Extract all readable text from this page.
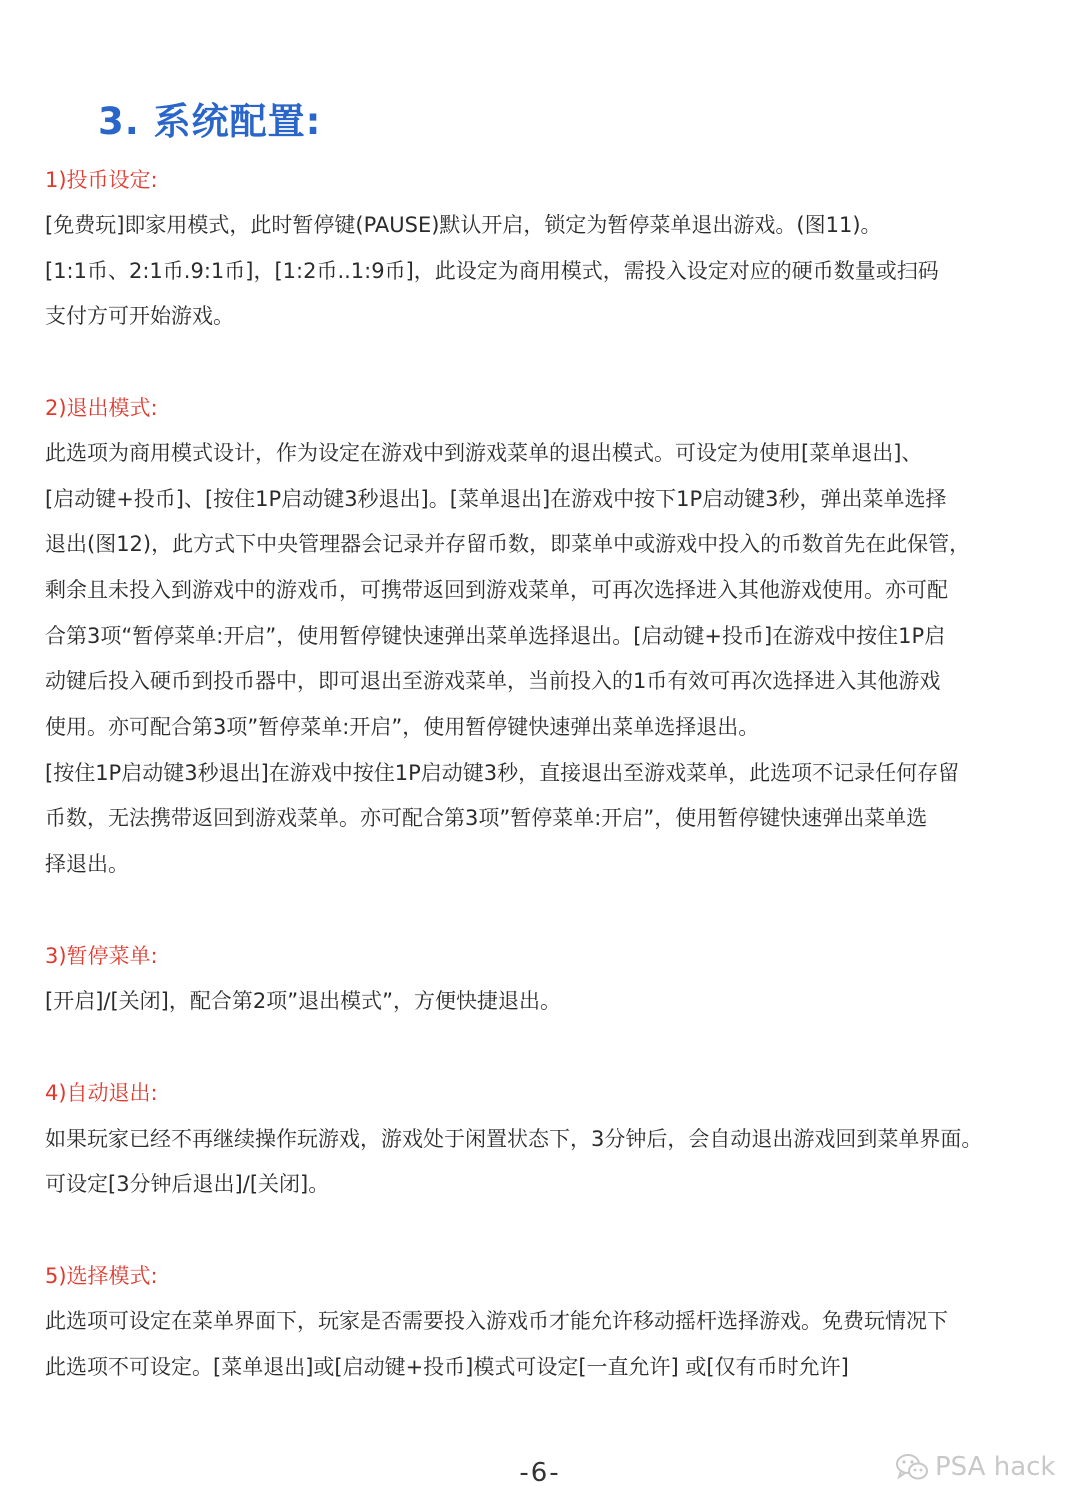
3. 系统配置:
1)投币设定:

[免费玩]即家用模式，此时暂停键(PAUSE)默认开启，锁定为暂停菜单退出游戏。(图11)。

[1:1币、2:1币.9:1币]，[1:2币..1:9币]，此设定为商用模式，需投入设定对应的硬币数量或扫码

支付方可开始游戏。

2)退出模式:

此选项为商用模式设计，作为设定在游戏中到游戏菜单的退出模式。可设定为使用[菜单退出]、

[启动键+投币]、[按住1P启动键3秒退出]。[菜单退出]在游戏中按下1P启动键3秒，弹出菜单选择

退出(图12)，此方式下中央管理器会记录并存留币数，即菜单中或游戏中投入的币数首先在此保管，

剩余且未投入到游戏中的游戏币，可携带返回到游戏菜单，可再次选择进入其他游戏使用。亦可配

合第3项“暂停菜单:开启”，使用暂停键快速弹出菜单选择退出。[启动键+投币]在游戏中按住1P启

动键后投入硬币到投币器中，即可退出至游戏菜单，当前投入的1币有效可再次选择进入其他游戏

使用。亦可配合第3项”暂停菜单:开启”，使用暂停键快速弹出菜单选择退出。

[按住1P启动键3秒退出]在游戏中按住1P启动键3秒，直接退出至游戏菜单，此选项不记录任何存留

币数，无法携带返回到游戏菜单。亦可配合第3项”暂停菜单:开启”，使用暂停键快速弹出菜单选

择退出。

3)暂停菜单:

[开启]/[关闭]，配合第2项”退出模式”，方便快捷退出。

4)自动退出:

如果玩家已经不再继续操作玩游戏，游戏处于闲置状态下，3分钟后，会自动退出游戏回到菜单界面。

可设定[3分钟后退出]/[关闭]。

5)选择模式:

此选项可设定在菜单界面下，玩家是否需要投入游戏币才能允许移动摇杆选择游戏。免费玩情况下

此选项不可设定。[菜单退出]或[启动键+投币]模式可设定[一直允许] 或[仅有币时允许]

-6-	PSA hack
